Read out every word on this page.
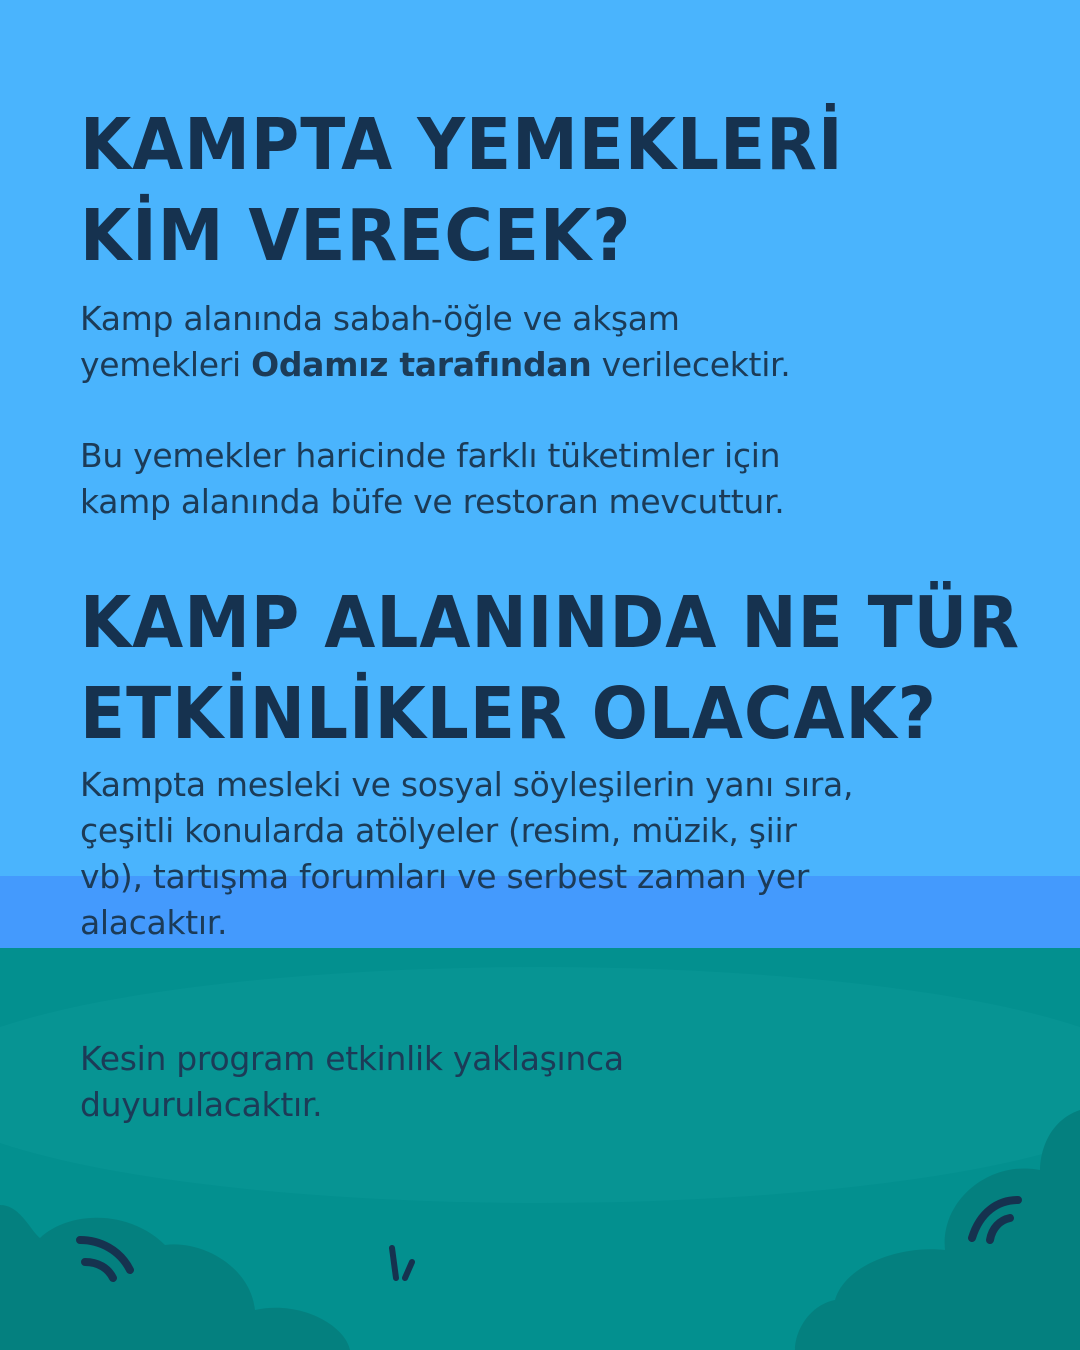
KAMPTA YEMEKLERİ
KİM VERECEK?

Kamp alanında sabah-öğle ve akşam
yemekleri Odamız tarafından verilecektir.

Bu yemekler haricinde farklı tüketimler için
kamp alanında büfe ve restoran mevcuttur.

KAMP ALANINDA NE TÜR
ETKİNLİKLER OLACAK?

Kampta mesleki ve sosyal söyleşilerin yanı sıra,
çeşitli konularda atölyeler (resim, müzik, şiir
vb), tartışma forumları ve serbest zaman yer
alacaktır.

Kesin program etkinlik yaklaşınca
duyurulacaktır.
